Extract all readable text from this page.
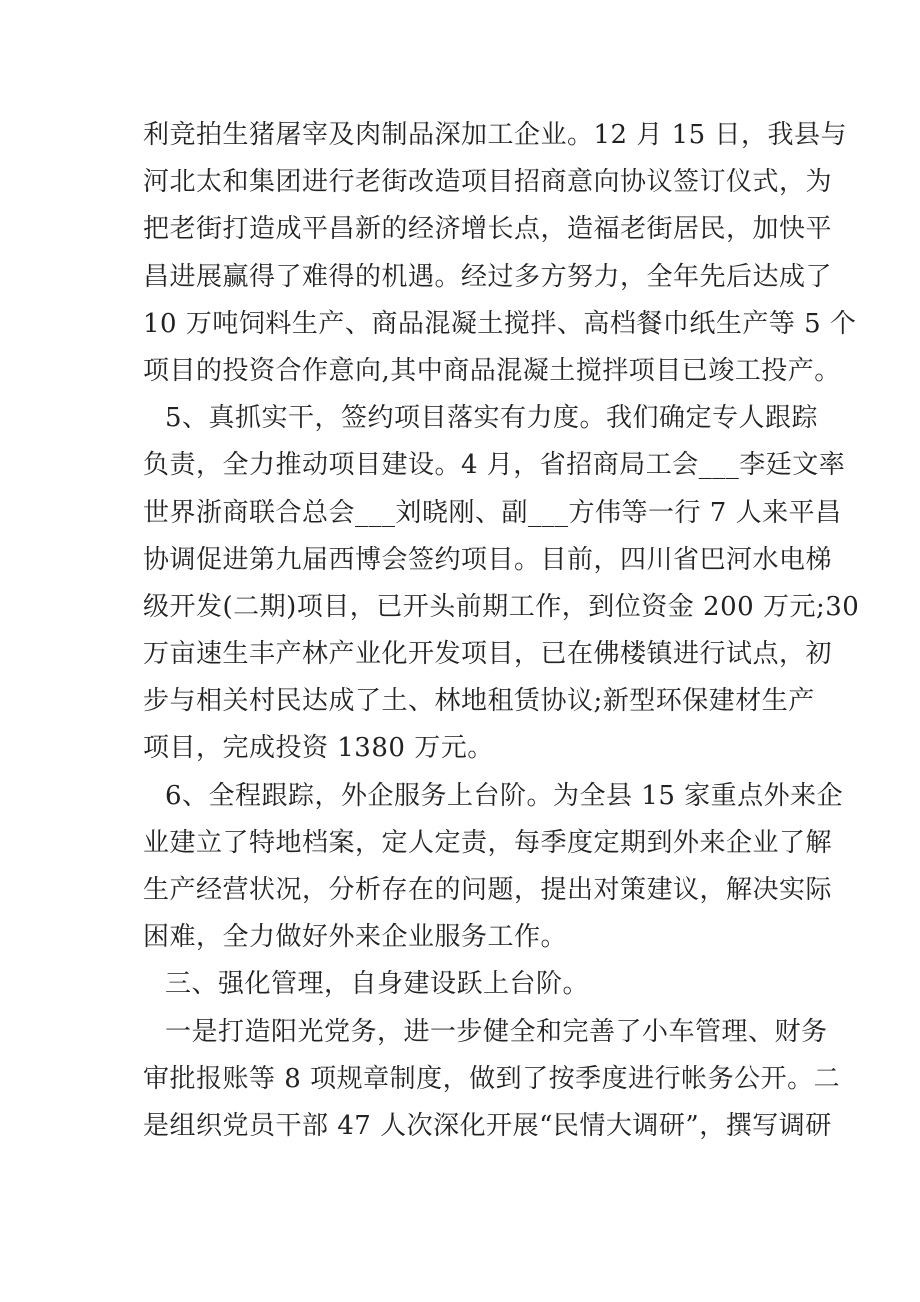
利竞拍生猪屠宰及肉制品深加工企业。12 月 15 日，我县与
河北太和集团进行老街改造项目招商意向协议签订仪式，为
把老街打造成平昌新的经济增长点，造福老街居民，加快平
昌进展赢得了难得的机遇。经过多方努力，全年先后达成了
10 万吨饲料生产、商品混凝土搅拌、高档餐巾纸生产等 5 个
项目的投资合作意向,其中商品混凝土搅拌项目已竣工投产。
5、真抓实干，签约项目落实有力度。我们确定专人跟踪
负责，全力推动项目建设。4 月，省招商局工会___李廷文率
世界浙商联合总会___刘晓刚、副___方伟等一行 7 人来平昌
协调促进第九届西博会签约项目。目前，四川省巴河水电梯
级开发(二期)项目，已开头前期工作，到位资金 200 万元;30
万亩速生丰产林产业化开发项目，已在佛楼镇进行试点，初
步与相关村民达成了土、林地租赁协议;新型环保建材生产
项目，完成投资 1380 万元。
6、全程跟踪，外企服务上台阶。为全县 15 家重点外来企
业建立了特地档案，定人定责，每季度定期到外来企业了解
生产经营状况，分析存在的问题，提出对策建议，解决实际
困难，全力做好外来企业服务工作。
三、强化管理，自身建设跃上台阶。
一是打造阳光党务，进一步健全和完善了小车管理、财务
审批报账等 8 项规章制度，做到了按季度进行帐务公开。二
是组织党员干部 47 人次深化开展“民情大调研”，撰写调研
